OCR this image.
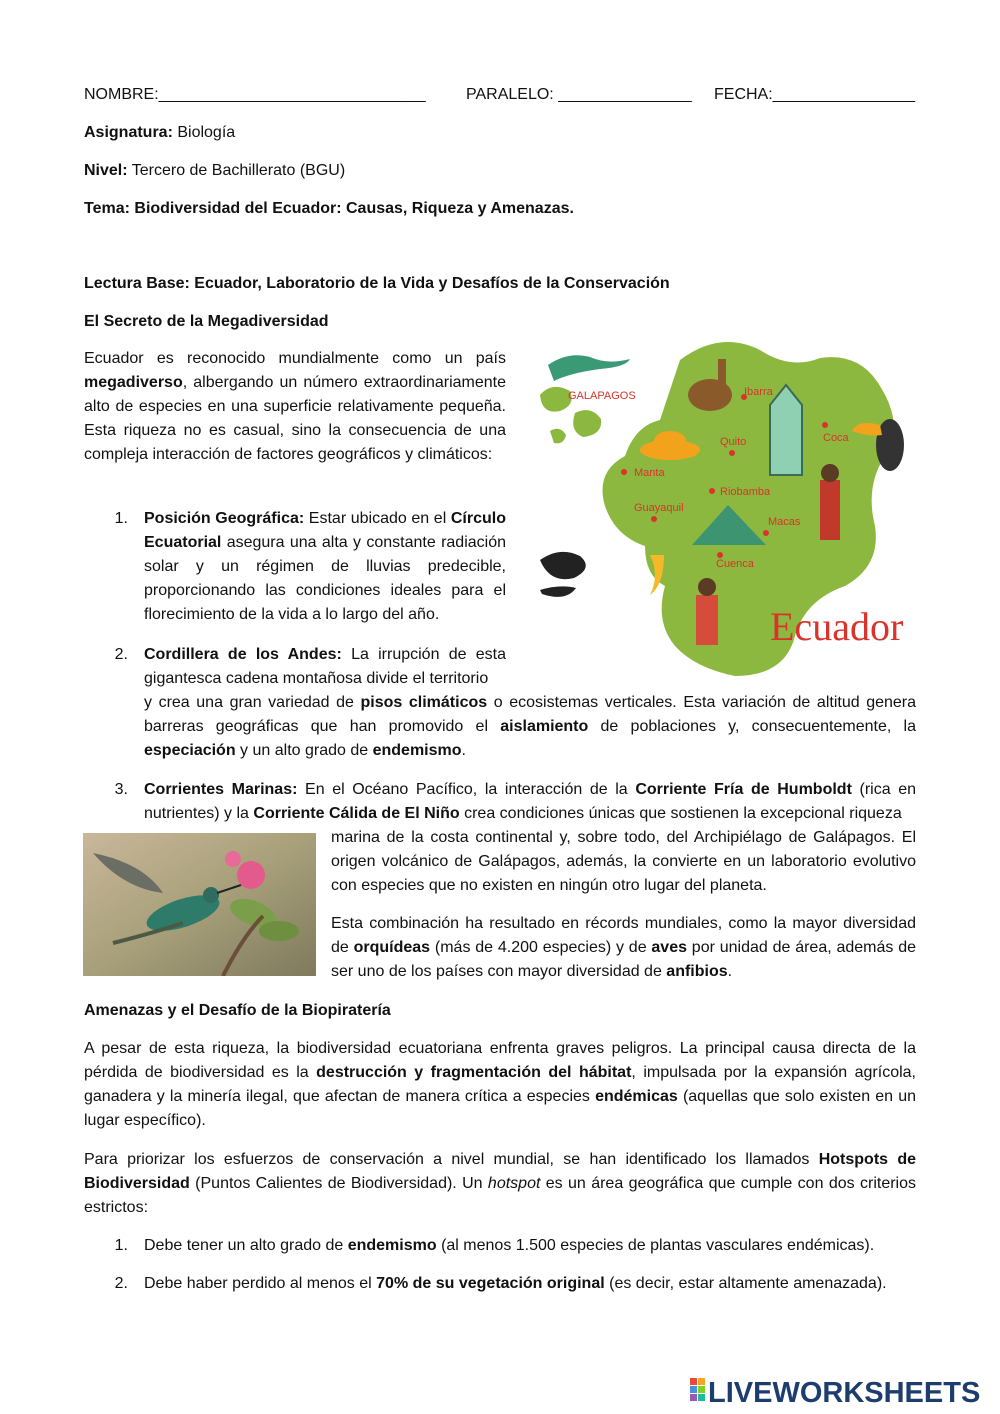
NOMBRE:______________________________	PARALELO: _______________ FECHA:________________
Asignatura: Biología
Nivel: Tercero de Bachillerato (BGU)
Tema: Biodiversidad del Ecuador: Causas, Riqueza y Amenazas.
Lectura Base: Ecuador, Laboratorio de la Vida y Desafíos de la Conservación
El Secreto de la Megadiversidad
GALAPAGOS	Ibarra
Quito	Coca
Manta
Riobamba
Guayaquil
Macas
Cuenca
Ecuador
Ecuador es reconocido mundialmente como un país megadiverso, albergando un número extraordinariamente alto de especies en una superficie relativamente pequeña. Esta riqueza no es casual, sino la consecuencia de una compleja interacción de factores geográficos y climáticos:
1. Posición Geográfica: Estar ubicado en el Círculo Ecuatorial asegura una alta y constante radiación solar y un régimen de lluvias predecible, proporcionando las condiciones ideales para el florecimiento de la vida a lo largo del año.
2. Cordillera de los Andes: La irrupción de esta gigantesca cadena montañosa divide el territorio
y crea una gran variedad de pisos climáticos o ecosistemas verticales. Esta variación de altitud genera barreras geográficas que han promovido el aislamiento de poblaciones y, consecuentemente, la especiación y un alto grado de endemismo.
3. Corrientes Marinas: En el Océano Pacífico, la interacción de la Corriente Fría de Humboldt (rica en nutrientes) y la Corriente Cálida de El Niño crea condiciones únicas que sostienen la excepcional riqueza
marina de la costa continental y, sobre todo, del Archipiélago de Galápagos. El origen volcánico de Galápagos, además, la convierte en un laboratorio evolutivo con especies que no existen en ningún otro lugar del planeta.
Esta combinación ha resultado en récords mundiales, como la mayor diversidad de orquídeas (más de 4.200 especies) y de aves por unidad de área, además de ser uno de los países con mayor diversidad de anfibios.
Amenazas y el Desafío de la Biopiratería
A pesar de esta riqueza, la biodiversidad ecuatoriana enfrenta graves peligros. La principal causa directa de la pérdida de biodiversidad es la destrucción y fragmentación del hábitat, impulsada por la expansión agrícola, ganadera y la minería ilegal, que afectan de manera crítica a especies endémicas (aquellas que solo existen en un lugar específico).
Para priorizar los esfuerzos de conservación a nivel mundial, se han identificado los llamados Hotspots de Biodiversidad (Puntos Calientes de Biodiversidad). Un hotspot es un área geográfica que cumple con dos criterios estrictos:
1. Debe tener un alto grado de endemismo (al menos 1.500 especies de plantas vasculares endémicas).
2. Debe haber perdido al menos el 70% de su vegetación original (es decir, estar altamente amenazada).
LIVEWORKSHEETS
